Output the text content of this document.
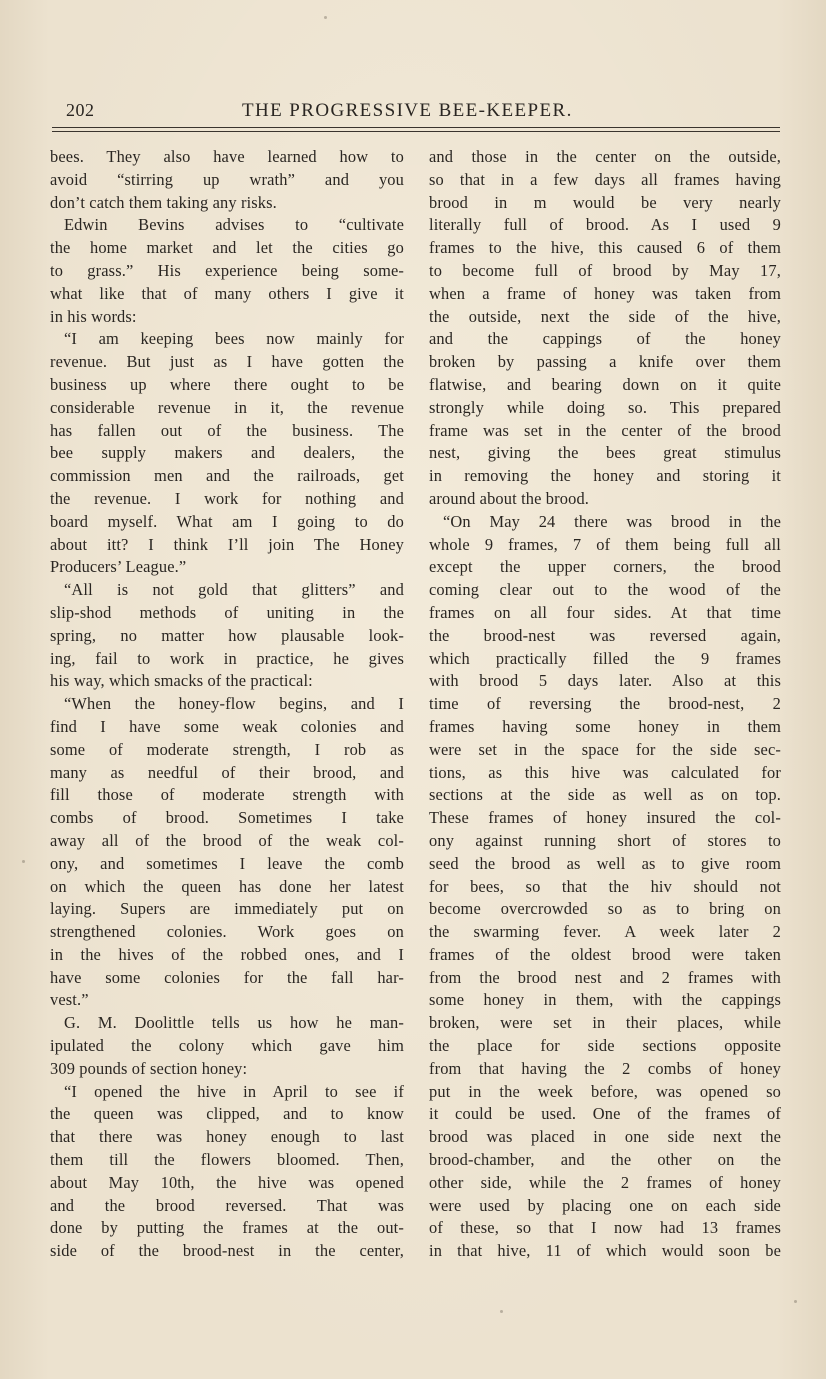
202	THE PROGRESSIVE BEE-KEEPER.
bees. They also have learned how to
avoid “stirring up wrath” and you
don’t catch them taking any risks.
Edwin Bevins advises to “cultivate
the home market and let the cities go
to grass.” His experience being some-
what like that of many others I give it
in his words:
“I am keeping bees now mainly for
revenue. But just as I have gotten the
business up where there ought to be
considerable revenue in it, the revenue
has fallen out of the business. The
bee supply makers and dealers, the
commission men and the railroads, get
the revenue. I work for nothing and
board myself. What am I going to do
about itt? I think I’ll join The Honey
Producers’ League.”
“All is not gold that glitters” and
slip-shod methods of uniting in the
spring, no matter how plausable look-
ing, fail to work in practice, he gives
his way, which smacks of the practical:
“When the honey-flow begins, and I
find I have some weak colonies and
some of moderate strength, I rob as
many as needful of their brood, and
fill those of moderate strength with
combs of brood. Sometimes I take
away all of the brood of the weak col-
ony, and sometimes I leave the comb
on which the queen has done her latest
laying. Supers are immediately put on
strengthened colonies. Work goes on
in the hives of the robbed ones, and I
have some colonies for the fall har-
vest.”
G. M. Doolittle tells us how he man-
ipulated the colony which gave him
309 pounds of section honey:
“I opened the hive in April to see if
the queen was clipped, and to know
that there was honey enough to last
them till the flowers bloomed. Then,
about May 10th, the hive was opened
and the brood reversed. That was
done by putting the frames at the out-
side of the brood-nest in the center,
and those in the center on the outside,
so that in a few days all frames having
brood in m would be very nearly
literally full of brood. As I used 9
frames to the hive, this caused 6 of them
to become full of brood by May 17,
when a frame of honey was taken from
the outside, next the side of the hive,
and the cappings of the honey
broken by passing a knife over them
flatwise, and bearing down on it quite
strongly while doing so. This prepared
frame was set in the center of the brood
nest, giving the bees great stimulus
in removing the honey and storing it
around about the brood.
“On May 24 there was brood in the
whole 9 frames, 7 of them being full all
except the upper corners, the brood
coming clear out to the wood of the
frames on all four sides. At that time
the brood-nest was reversed again,
which practically filled the 9 frames
with brood 5 days later. Also at this
time of reversing the brood-nest, 2
frames having some honey in them
were set in the space for the side sec-
tions, as this hive was calculated for
sections at the side as well as on top.
These frames of honey insured the col-
ony against running short of stores to
seed the brood as well as to give room
for bees, so that the hiv should not
become overcrowded so as to bring on
the swarming fever. A week later 2
frames of the oldest brood were taken
from the brood nest and 2 frames with
some honey in them, with the cappings
broken, were set in their places, while
the place for side sections opposite
from that having the 2 combs of honey
put in the week before, was opened so
it could be used. One of the frames of
brood was placed in one side next the
brood-chamber, and the other on the
other side, while the 2 frames of honey
were used by placing one on each side
of these, so that I now had 13 frames
in that hive, 11 of which would soon be
